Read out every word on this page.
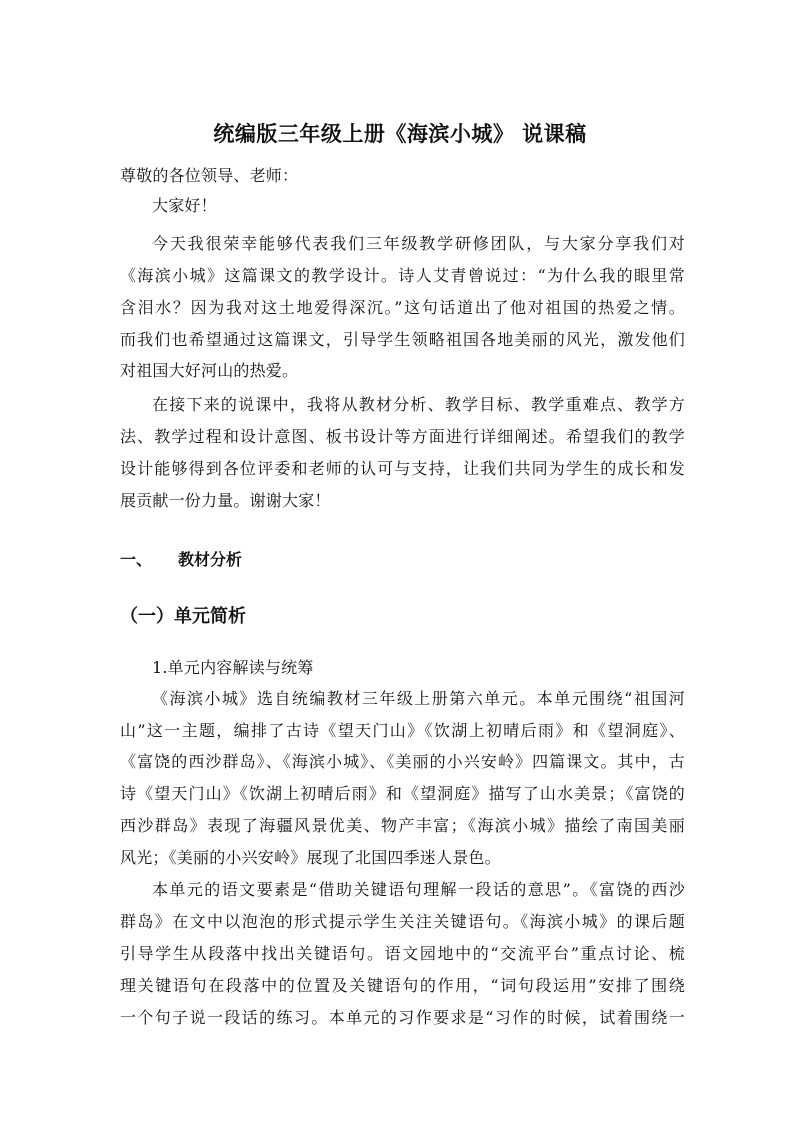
统编版三年级上册《海滨小城》 说课稿
尊敬的各位领导、老师：
大家好！
今天我很荣幸能够代表我们三年级教学研修团队，与大家分享我们对
《海滨小城》这篇课文的教学设计。诗人艾青曾说过：“为什么我的眼里常
含泪水？因为我对这土地爱得深沉。”这句话道出了他对祖国的热爱之情。
而我们也希望通过这篇课文，引导学生领略祖国各地美丽的风光，激发他们
对祖国大好河山的热爱。
在接下来的说课中，我将从教材分析、教学目标、教学重难点、教学方
法、教学过程和设计意图、板书设计等方面进行详细阐述。希望我们的教学
设计能够得到各位评委和老师的认可与支持，让我们共同为学生的成长和发
展贡献一份力量。谢谢大家！
一、 教材分析
（一）单元简析
1.单元内容解读与统筹
《海滨小城》选自统编教材三年级上册第六单元。本单元围绕“祖国河
山”这一主题，编排了古诗《望天门山》《饮湖上初晴后雨》和《望洞庭》、
《富饶的西沙群岛》、《海滨小城》、《美丽的小兴安岭》四篇课文。其中，古
诗《望天门山》《饮湖上初晴后雨》和《望洞庭》描写了山水美景；《富饶的
西沙群岛》表现了海疆风景优美、物产丰富；《海滨小城》描绘了南国美丽
风光；《美丽的小兴安岭》展现了北国四季迷人景色。
本单元的语文要素是“借助关键语句理解一段话的意思”。《富饶的西沙
群岛》在文中以泡泡的形式提示学生关注关键语句。《海滨小城》的课后题
引导学生从段落中找出关键语句。语文园地中的“交流平台”重点讨论、梳
理关键语句在段落中的位置及关键语句的作用，“词句段运用”安排了围绕
一个句子说一段话的练习。本单元的习作要求是“习作的时候，试着围绕一
